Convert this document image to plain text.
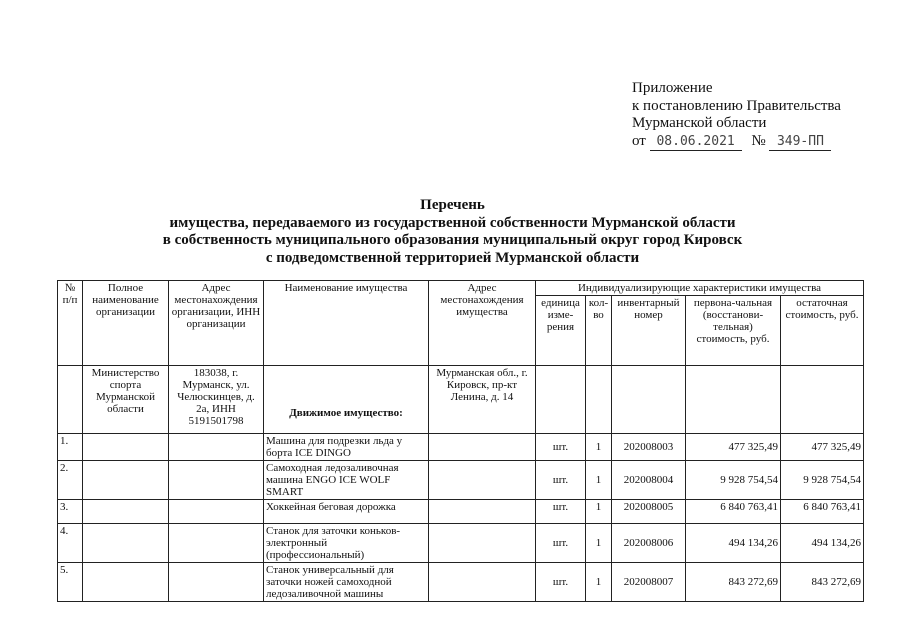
Приложение
к постановлению Правительства
Мурманской области
от 08.06.2021 № 349-ПП
Перечень
имущества, передаваемого из государственной собственности Мурманской области
в собственность муниципального образования муниципальный округ город Кировск
с подведомственной территорией Мурманской области
№ п/п	Полное наименование организации	Адрес местонахождения организации, ИНН организации	Наименование имущества	Адрес местонахождения имущества	Индивидуализирующие характеристики имущества				
					единица изме-рения	кол-во	инвентарный номер	первона-чальная (восстанови-тельная) стоимость, руб.	остаточная стоимость, руб.
	Министерство спорта Мурманской области	183038, г. Мурманск, ул. Челюскинцев, д. 2а, ИНН 5191501798	Движимое имущество:	Мурманская обл., г. Кировск, пр-кт Ленина, д. 14					
1.			Машина для подрезки льда у борта ICE DINGO		шт.	1	202008003	477 325,49	477 325,49
2.			Самоходная ледозаливочная машина ENGO ICE WOLF SMART		шт.	1	202008004	9 928 754,54	9 928 754,54
3.			Хоккейная беговая дорожка		шт.	1	202008005	6 840 763,41	6 840 763,41
4.			Станок для заточки коньков-электронный (профессиональный)		шт.	1	202008006	494 134,26	494 134,26
5.			Станок универсальный для заточки ножей самоходной ледозаливочной машины		шт.	1	202008007	843 272,69	843 272,69
